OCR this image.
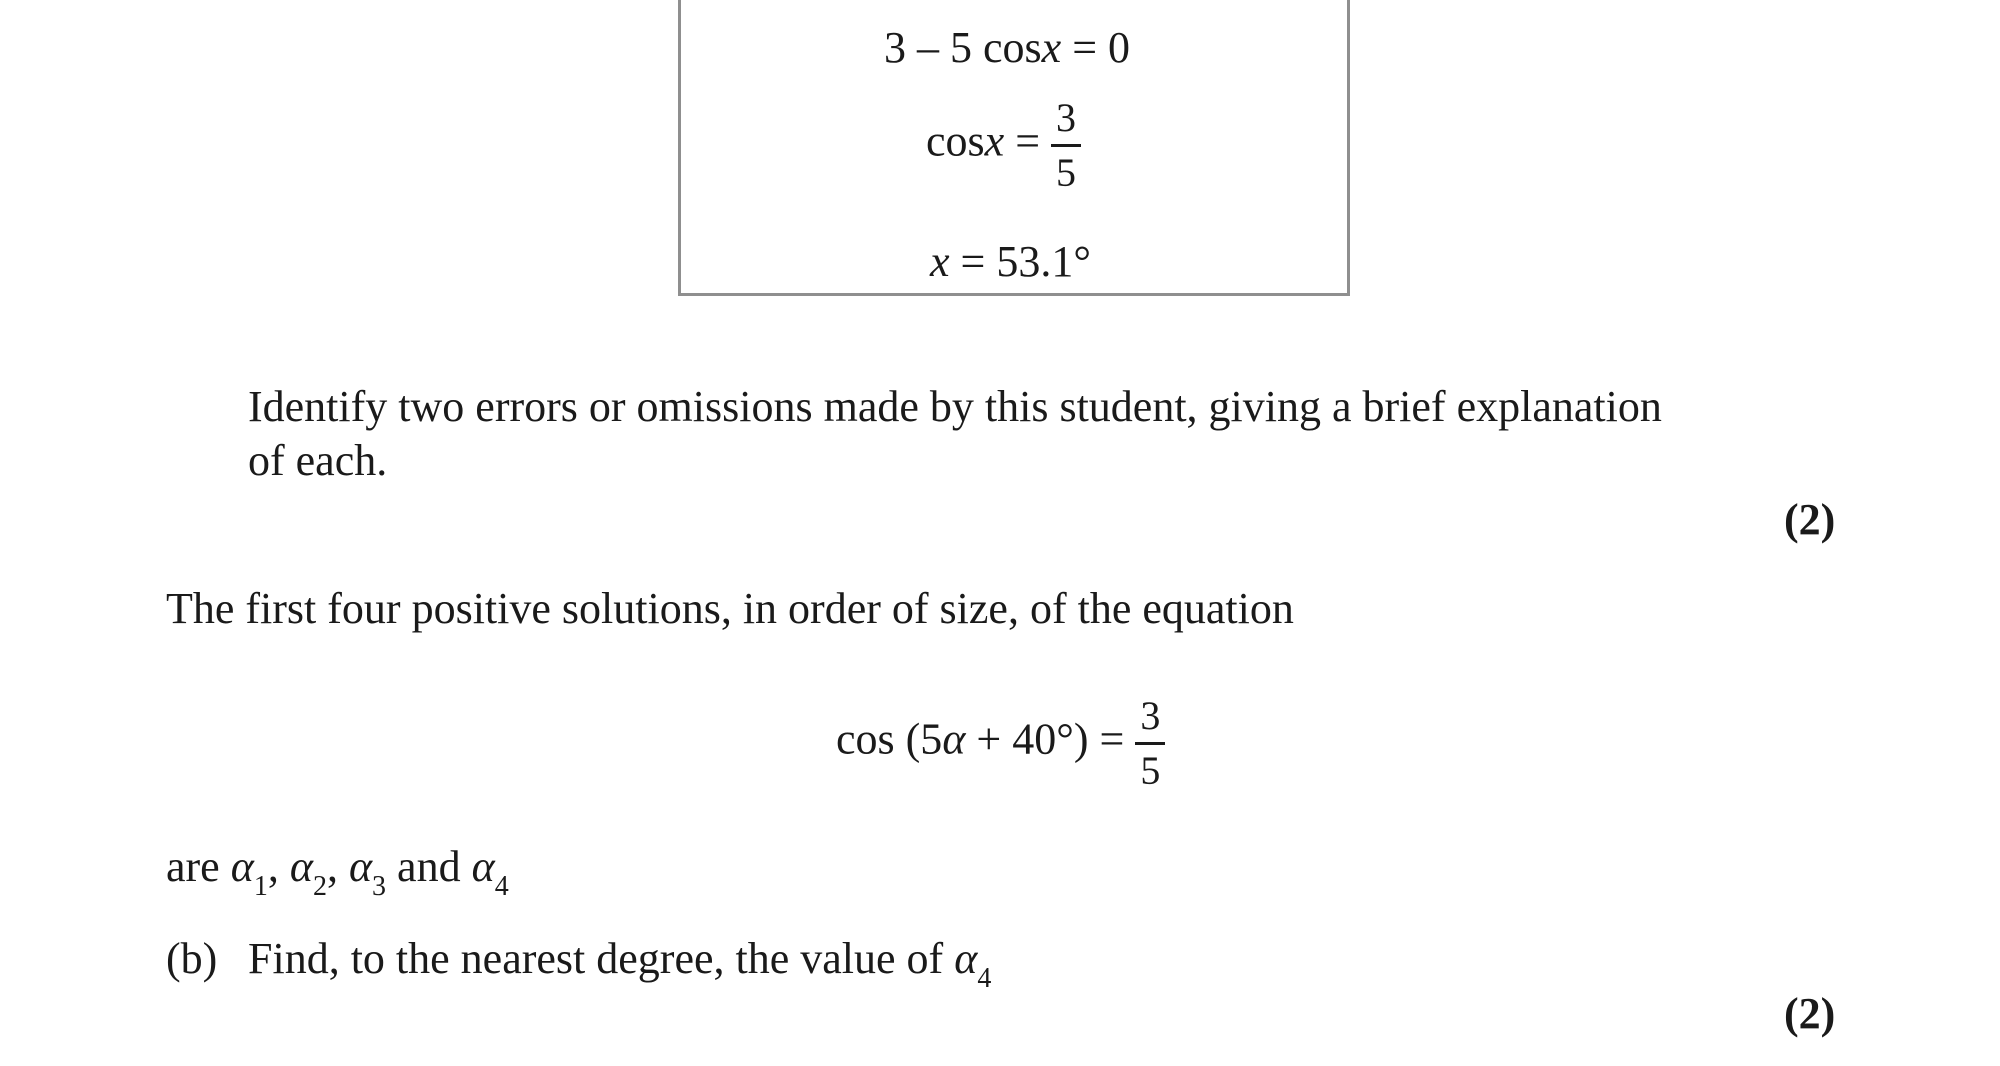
3 – 5 cosx = 0
$\cos x = \frac{3}{5}$
x = 53.1°
Identify two errors or omissions made by this student, giving a brief explanation
of each.
(2)
The first four positive solutions, in order of size, of the equation
$\cos (5\alpha + 40^\circ) = \frac{3}{5}$
are $\alpha_1$, $\alpha_2$, $\alpha_3$ and $\alpha_4$
(b) Find, to the nearest degree, the value of $\alpha_4$
(2)
